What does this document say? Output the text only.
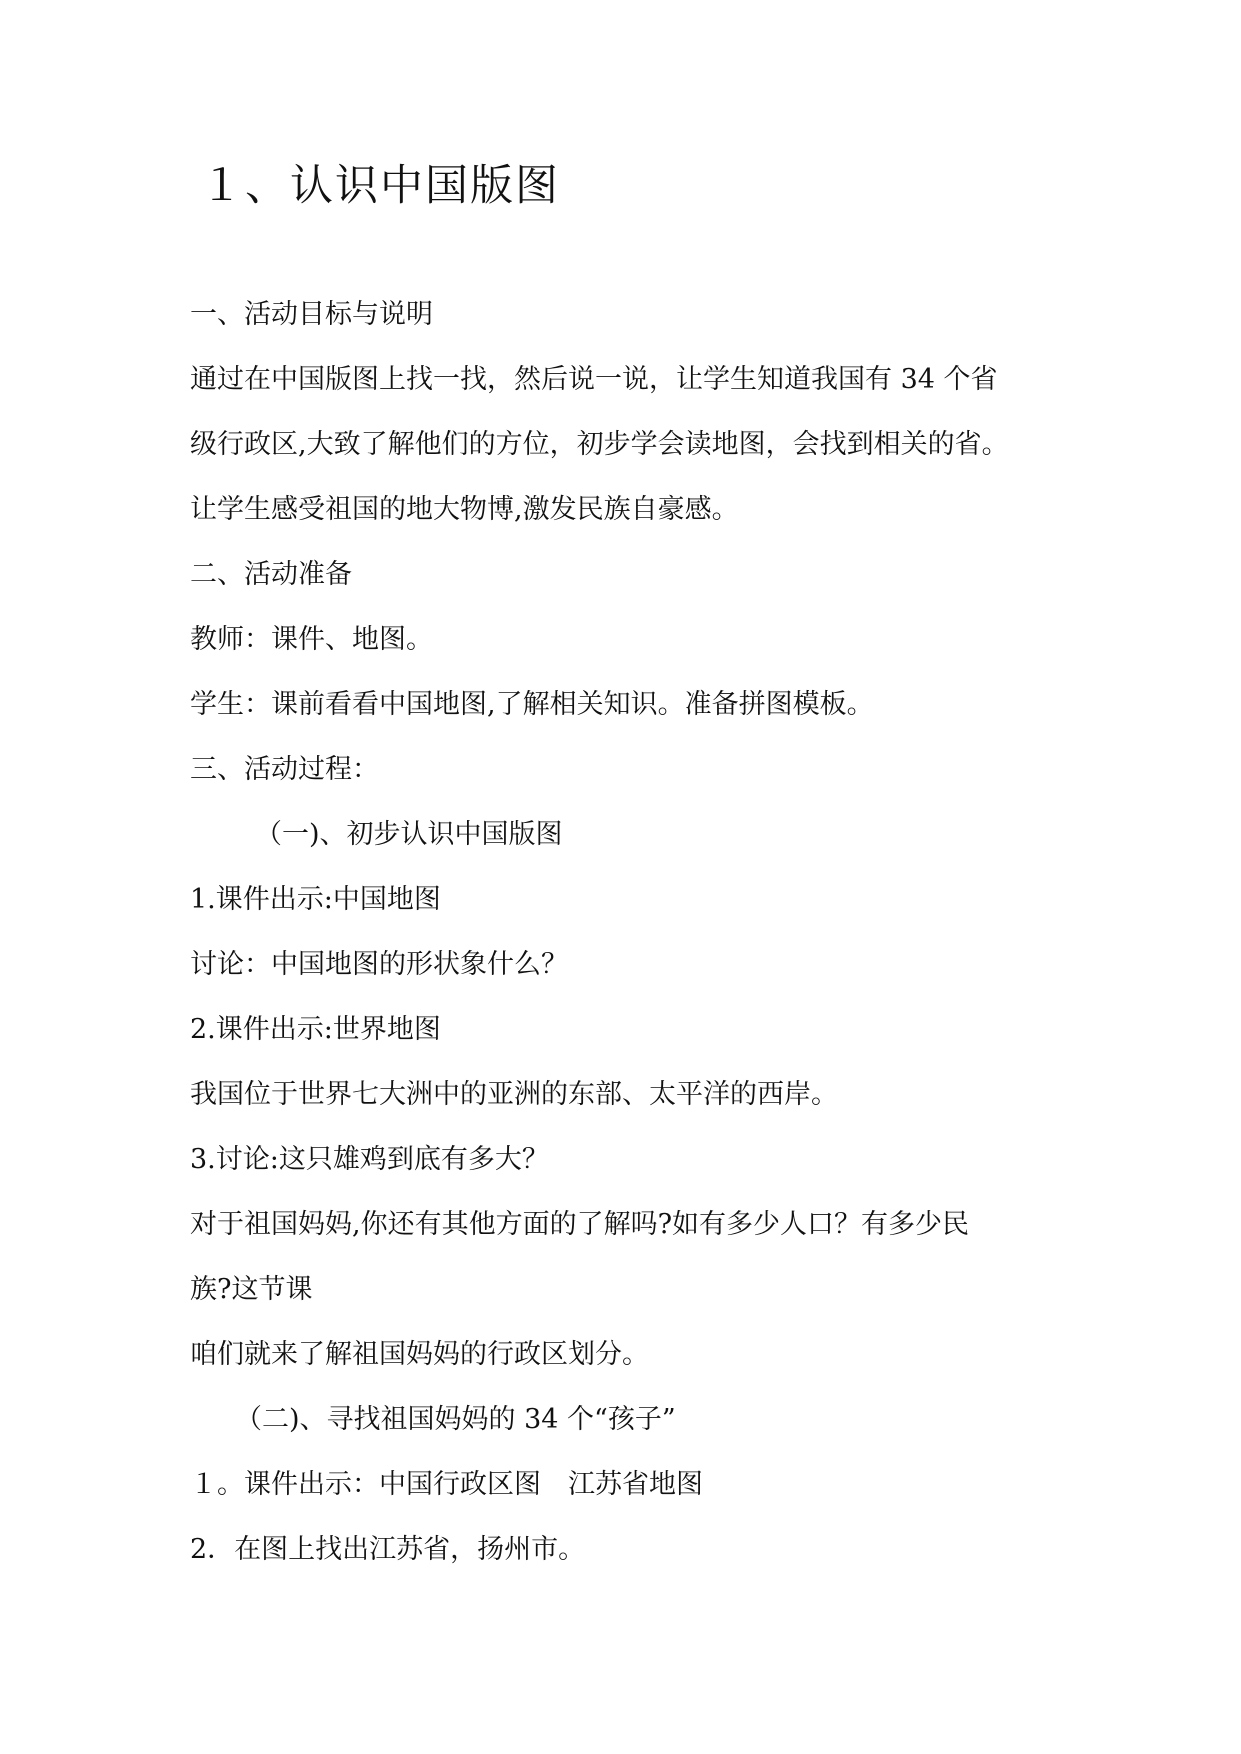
１、认识中国版图
一、活动目标与说明
通过在中国版图上找一找，然后说一说，让学生知道我国有 34 个省
级行政区,大致了解他们的方位，初步学会读地图，会找到相关的省。
让学生感受祖国的地大物博,激发民族自豪感。
二、活动准备
教师：课件、地图。
学生：课前看看中国地图,了解相关知识。准备拼图模板。
三、活动过程：
（一)、初步认识中国版图
1.课件出示:中国地图
讨论：中国地图的形状象什么？
2.课件出示:世界地图
我国位于世界七大洲中的亚洲的东部、太平洋的西岸。
3.讨论:这只雄鸡到底有多大？
对于祖国妈妈,你还有其他方面的了解吗?如有多少人口？有多少民
族?这节课
咱们就来了解祖国妈妈的行政区划分。
（二)、寻找祖国妈妈的 34 个“孩子”
１。课件出示：中国行政区图　江苏省地图
2．在图上找出江苏省，扬州市。
